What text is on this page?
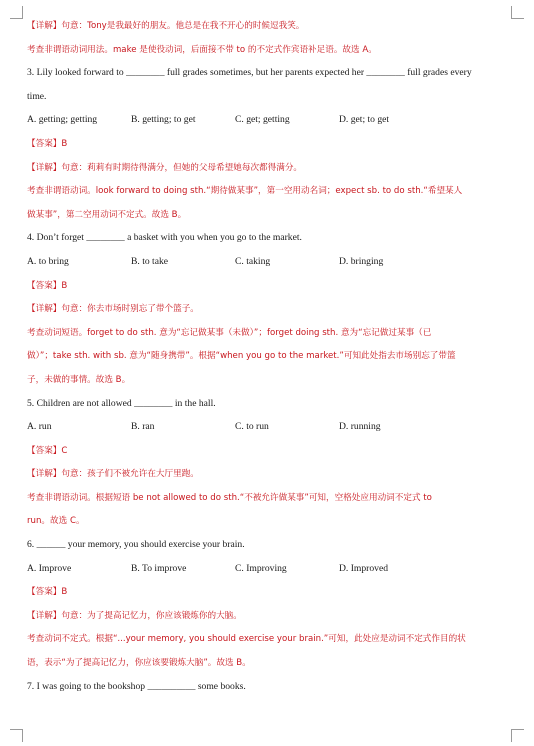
【详解】句意：Tony是我最好的朋友。他总是在我不开心的时候逗我笑。
考查非谓语动词用法。make 是使役动词，后面接不带 to 的不定式作宾语补足语。故选 A。
3. Lily looked forward to ________ full grades sometimes, but her parents expected her ________ full grades every
time.
A. getting; getting	B. getting; to get	C. get; getting	D. get; to get
【答案】B
【详解】句意：莉莉有时期待得满分，但她的父母希望她每次都得满分。
考查非谓语动词。look forward to doing sth.“期待做某事”，第一空用动名词；expect sb. to do sth.“希望某人
做某事”，第二空用动词不定式。故选 B。
4. Don’t forget ________ a basket with you when you go to the market.
A. to bring	B. to take	C. taking	D. bringing
【答案】B
【详解】句意：你去市场时别忘了带个篮子。
考查动词短语。forget to do sth. 意为“忘记做某事（未做）”；forget doing sth. 意为“忘记做过某事（已
做）”；take sth. with sb. 意为“随身携带”。根据“when you go to the market.”可知此处指去市场别忘了带篮
子，未做的事情。故选 B。
5. Children are not allowed ________ in the hall.
A. run	B. ran	C. to run	D. running
【答案】C
【详解】句意：孩子们不被允许在大厅里跑。
考查非谓语动词。根据短语 be not allowed to do sth.“不被允许做某事”可知，空格处应用动词不定式 to
run。故选 C。
6. ______ your memory, you should exercise your brain.
A. Improve	B. To improve	C. Improving	D. Improved
【答案】B
【详解】句意：为了提高记忆力，你应该锻炼你的大脑。
考查动词不定式。根据“...your memory, you should exercise your brain.”可知，此处应是动词不定式作目的状
语，表示“为了提高记忆力，你应该要锻炼大脑”。故选 B。
7. I was going to the bookshop __________ some books.
